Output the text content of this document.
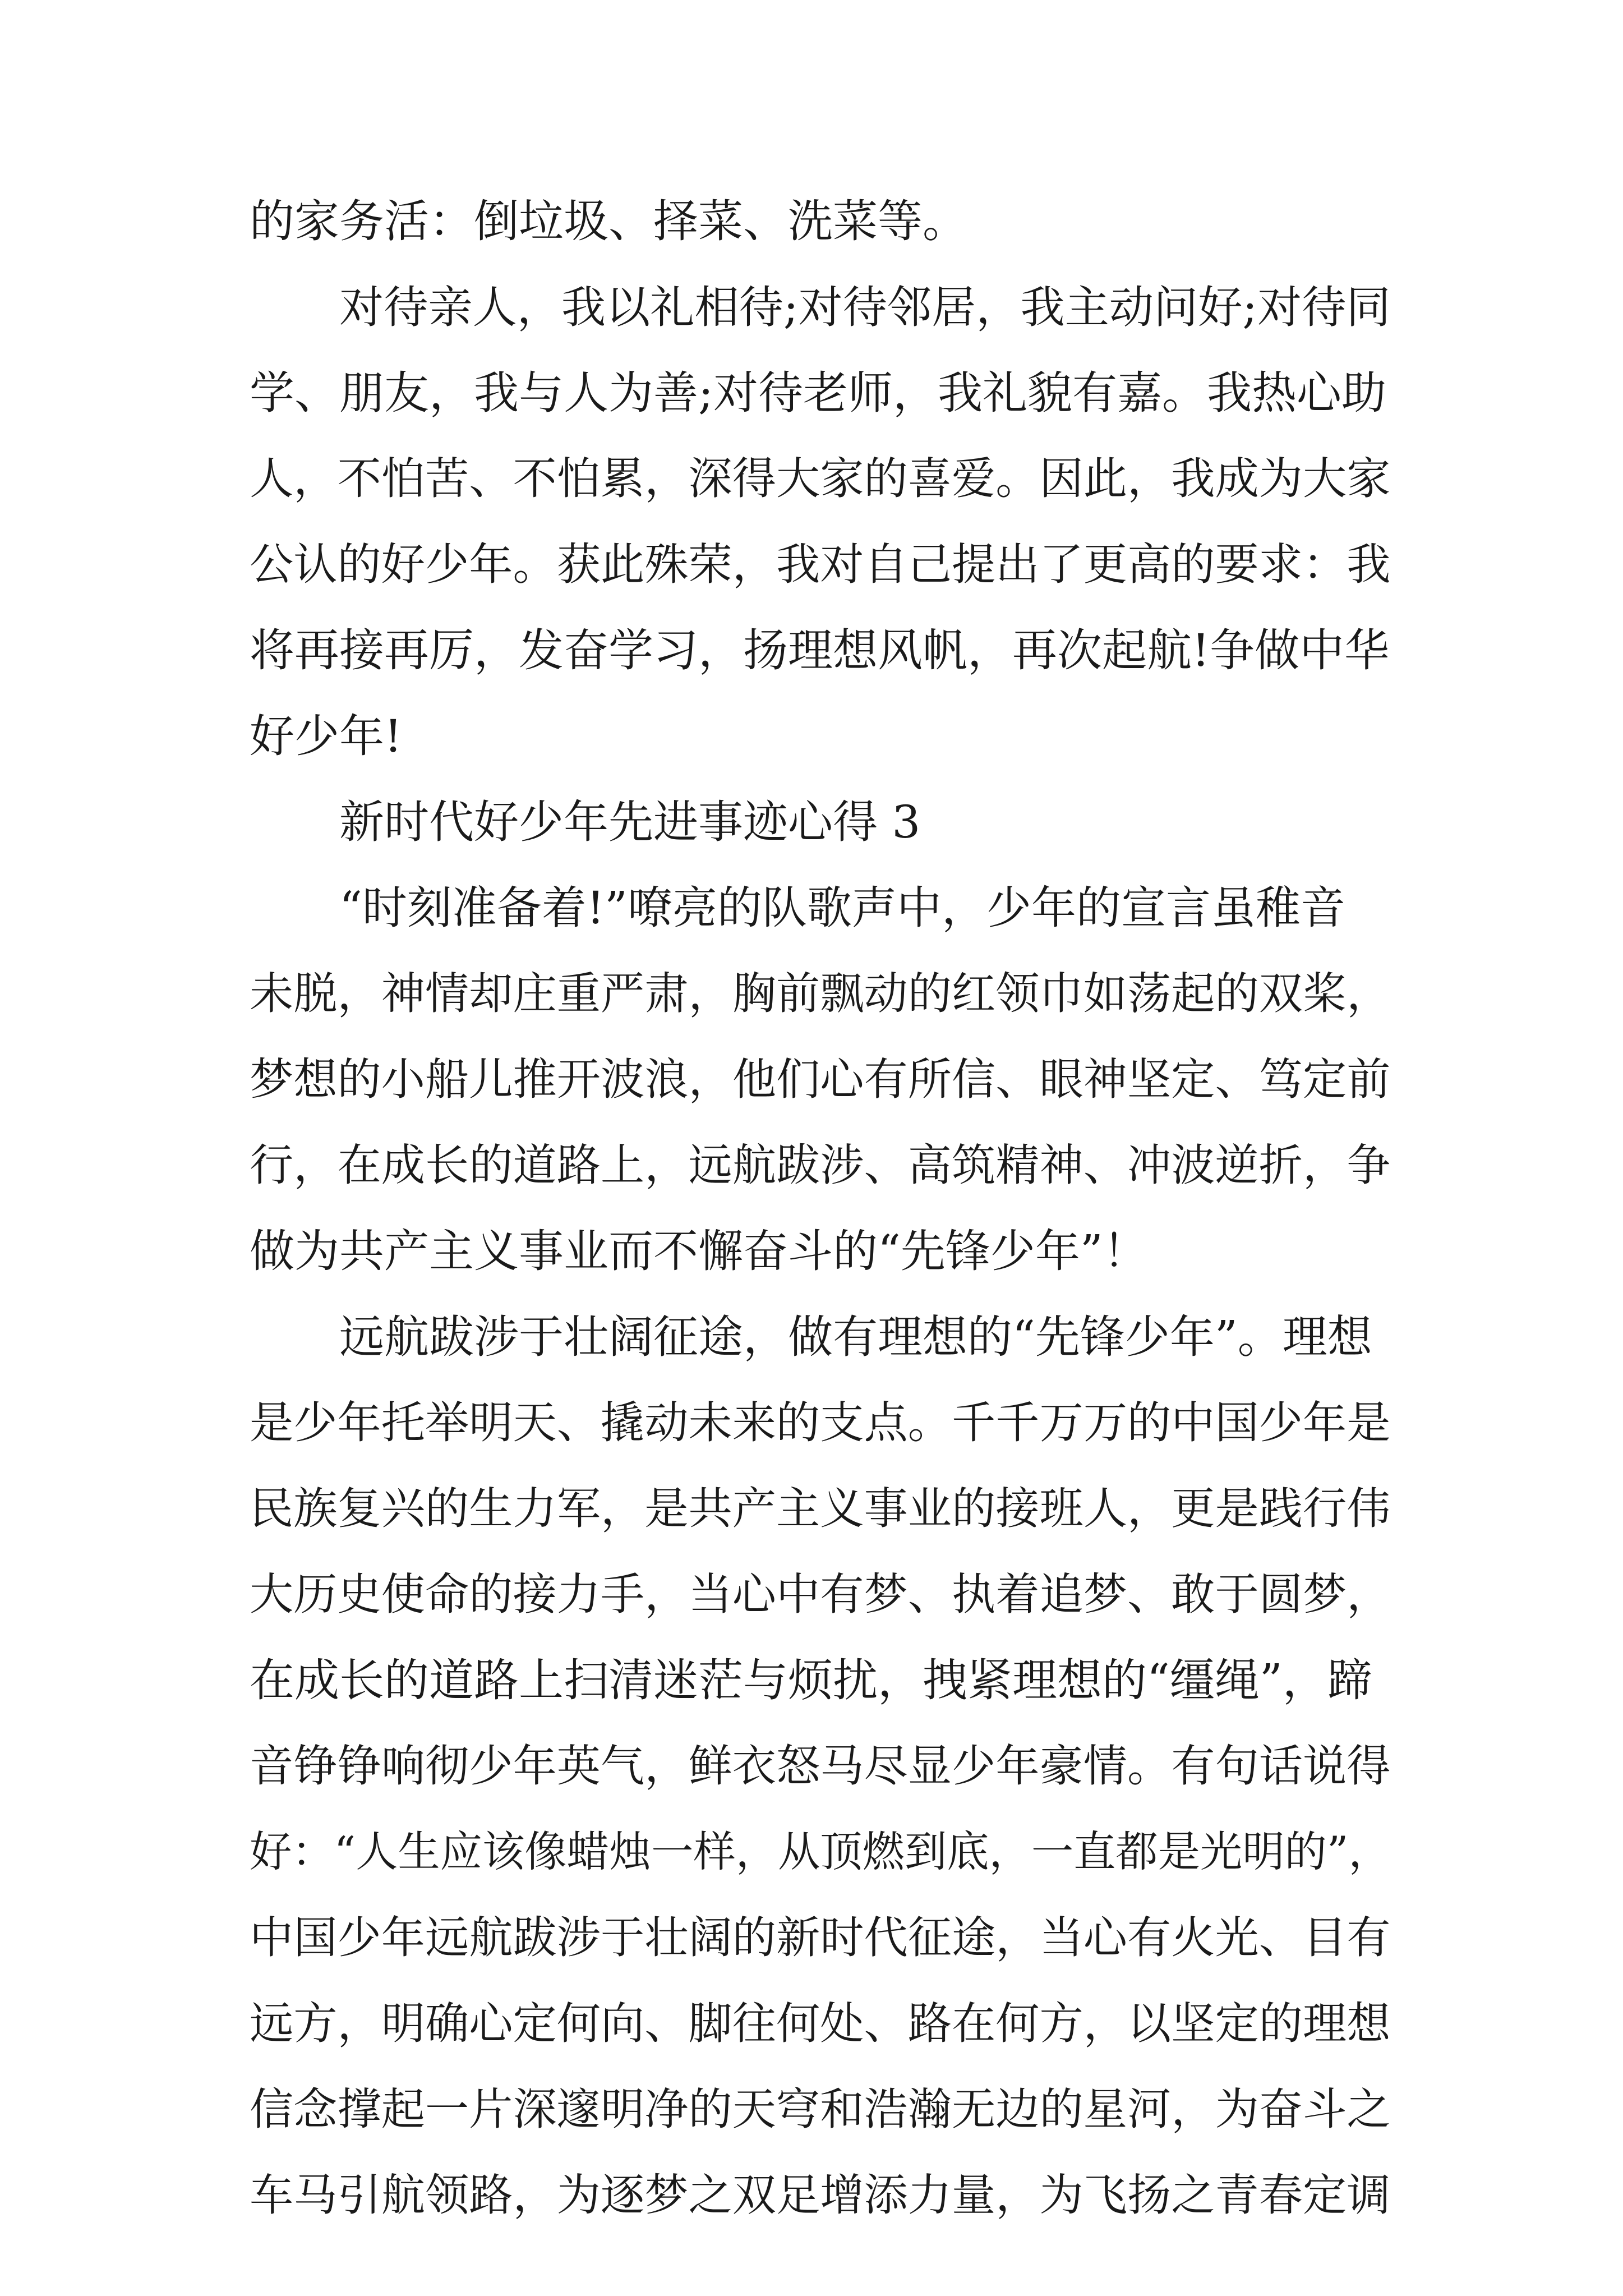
的家务活：倒垃圾、择菜、洗菜等。
对待亲人，我以礼相待;对待邻居，我主动问好;对待同
学、朋友，我与人为善;对待老师，我礼貌有嘉。我热心助
人，不怕苦、不怕累，深得大家的喜爱。因此，我成为大家
公认的好少年。获此殊荣，我对自己提出了更高的要求：我
将再接再厉，发奋学习，扬理想风帆，再次起航!争做中华
好少年!
新时代好少年先进事迹心得 3
“时刻准备着!”嘹亮的队歌声中，少年的宣言虽稚音
未脱，神情却庄重严肃，胸前飘动的红领巾如荡起的双桨，
梦想的小船儿推开波浪，他们心有所信、眼神坚定、笃定前
行，在成长的道路上，远航跋涉、高筑精神、冲波逆折，争
做为共产主义事业而不懈奋斗的“先锋少年”！
远航跋涉于壮阔征途，做有理想的“先锋少年”。理想
是少年托举明天、撬动未来的支点。千千万万的中国少年是
民族复兴的生力军，是共产主义事业的接班人，更是践行伟
大历史使命的接力手，当心中有梦、执着追梦、敢于圆梦，
在成长的道路上扫清迷茫与烦扰，拽紧理想的“缰绳”，蹄
音铮铮响彻少年英气，鲜衣怒马尽显少年豪情。有句话说得
好：“人生应该像蜡烛一样，从顶燃到底，一直都是光明的”，
中国少年远航跋涉于壮阔的新时代征途，当心有火光、目有
远方，明确心定何向、脚往何处、路在何方，以坚定的理想
信念撑起一片深邃明净的天穹和浩瀚无边的星河，为奋斗之
车马引航领路，为逐梦之双足增添力量，为飞扬之青春定调
